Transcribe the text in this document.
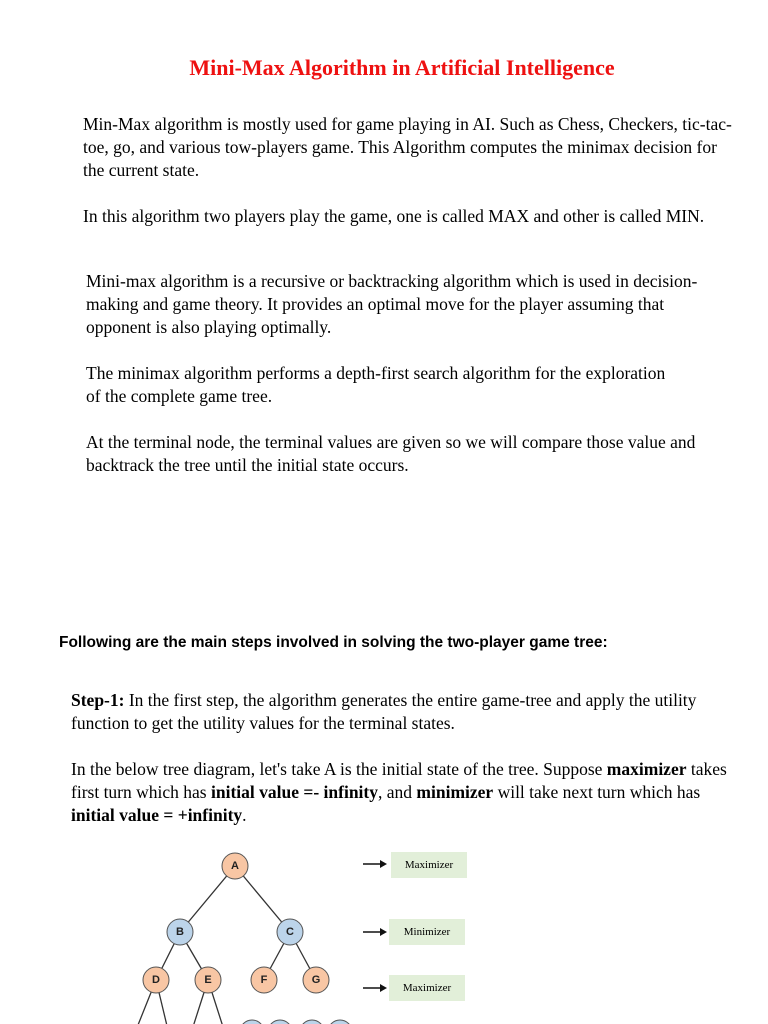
Mini-Max Algorithm in Artificial Intelligence

Min-Max algorithm is mostly used for game playing in AI. Such as Chess, Checkers, tic-tac-toe, go, and various tow-players game. This Algorithm computes the minimax decision for the current state.

In this algorithm two players play the game, one is called MAX and other is called MIN.

Mini-max algorithm is a recursive or backtracking algorithm which is used in decision-making and game theory. It provides an optimal move for the player assuming that opponent is also playing optimally.

The minimax algorithm performs a depth-first search algorithm for the exploration of the complete game tree.

At the terminal node, the terminal values are given so we will compare those value and backtrack the tree until the initial state occurs.

Following are the main steps involved in solving the two-player game tree:

Step-1: In the first step, the algorithm generates the entire game-tree and apply the utility function to get the utility values for the terminal states.

In the below tree diagram, let's take A is the initial state of the tree. Suppose maximizer takes first turn which has initial value =- infinity, and minimizer will take next turn which has initial value = +infinity.

A
B	C
D	E	F	G
Maximizer
Minimizer
Maximizer
